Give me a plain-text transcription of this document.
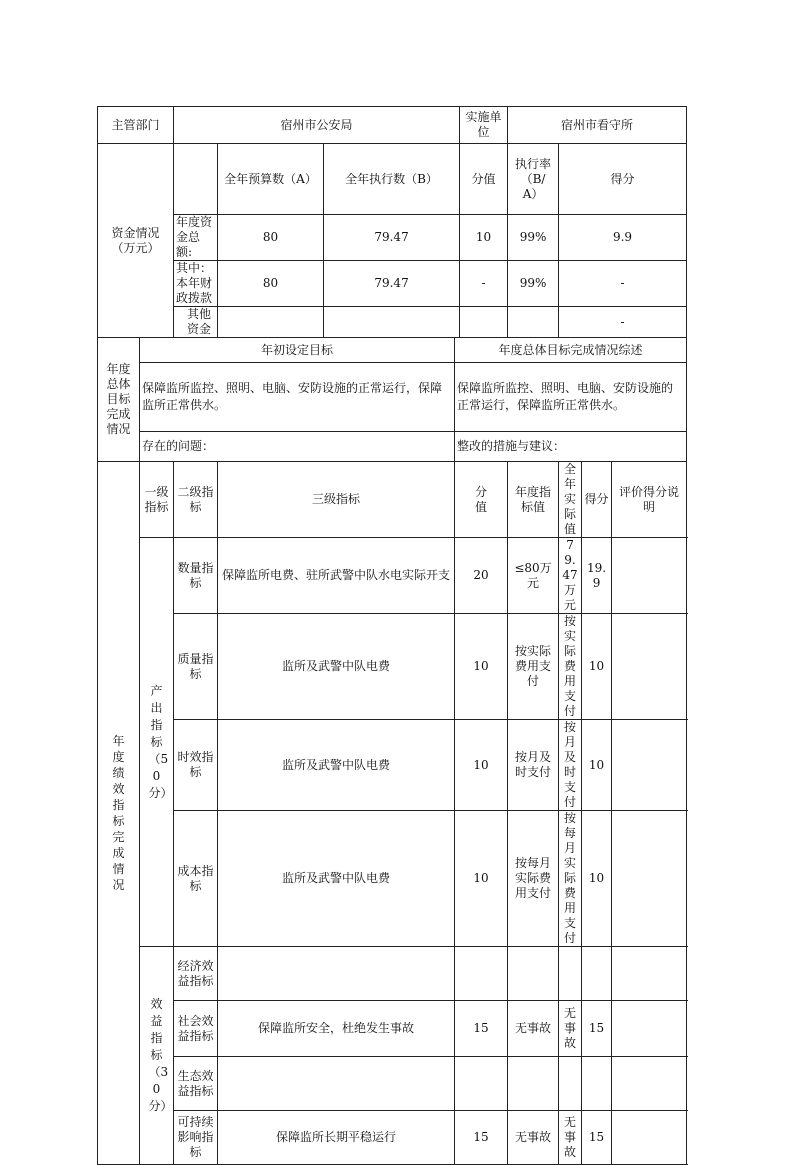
主管部门		宿州市公安局				实施单位	宿州市看守所			

资金情况（万元）			全年预算数（A）	全年执行数（B）		分值	执行率（B/A）	得分		
		年度资金总额:	80	79.47		10	99%	9.9		
		其中：本年财政拨款	80	79.47		-	99%	-		
		其他资金						-		

年度总体目标完成情况	年初设定目标				年度总体目标完成情况综述					
	保障监所监控、照明、电脑、安防设施的正常运行，保障监所正常供水。				保障监所监控、照明、电脑、安防设施的正常运行，保障监所正常供水。					
	存在的问题：				整改的措施与建议：					

年度绩效指标完成情况	一级指标	二级指标	三级指标		分值		年度指标值	全年实际值	得分	评价得分说明

	产出指标（50分）	数量指标	保障监所电费、驻所武警中队水电实际开支		20		≤80万元	79.47万元	19.9	
		质量指标	监所及武警中队电费		10		按实际费用支付	按实际费用支付	10	
		时效指标	监所及武警中队电费		10		按月及时支付	按月及时支付	10	
		成本指标	监所及武警中队电费		10		按每月实际费用支付	按每月实际费用支付	10	

	效益指标（30分）	经济效益指标								
		社会效益指标	保障监所安全，杜绝发生事故		15		无事故	无事故	15	
		生态效益指标								
		可持续影响指标	保障监所长期平稳运行		15		无事故	无事故	15	
